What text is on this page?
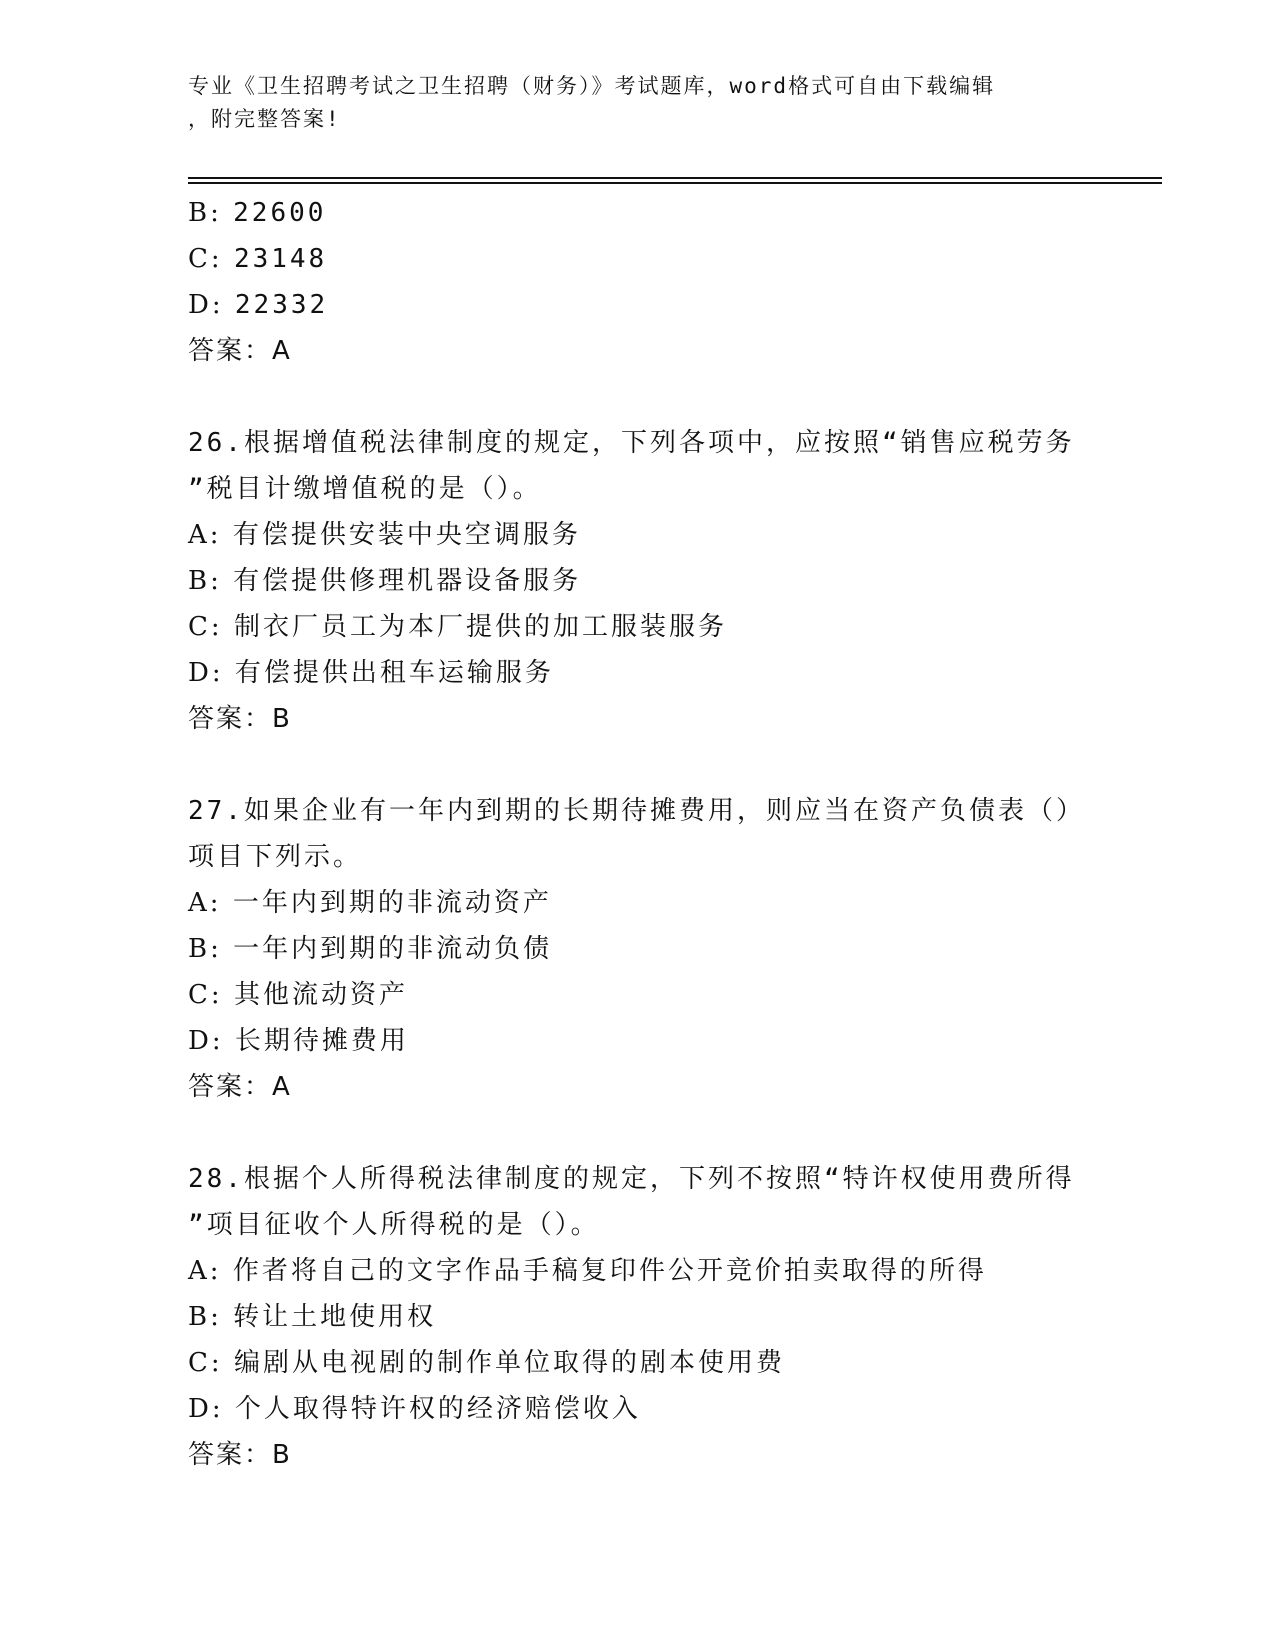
专业《卫生招聘考试之卫生招聘（财务）》考试题库，word格式可自由下载编辑
，附完整答案!
B: 22600
C: 23148
D: 22332
答案：A
26.根据增值税法律制度的规定，下列各项中，应按照“销售应税劳务
”税目计缴增值税的是（）。
A: 有偿提供安装中央空调服务
B: 有偿提供修理机器设备服务
C: 制衣厂员工为本厂提供的加工服装服务
D: 有偿提供出租车运输服务
答案：B
27.如果企业有一年内到期的长期待摊费用，则应当在资产负债表（）
项目下列示。
A: 一年内到期的非流动资产
B: 一年内到期的非流动负债
C: 其他流动资产
D: 长期待摊费用
答案：A
28.根据个人所得税法律制度的规定，下列不按照“特许权使用费所得
”项目征收个人所得税的是（）。
A: 作者将自己的文字作品手稿复印件公开竞价拍卖取得的所得
B: 转让土地使用权
C: 编剧从电视剧的制作单位取得的剧本使用费
D: 个人取得特许权的经济赔偿收入
答案：B
